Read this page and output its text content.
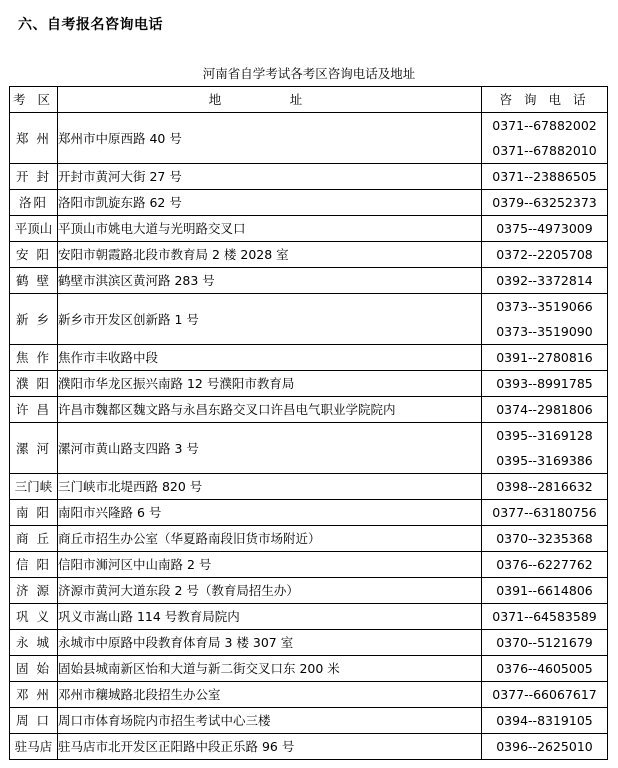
六、自考报名咨询电话
河南省自学考试各考区咨询电话及地址
考 区	地　址	咨 询 电 话
郑 州	郑州市中原西路 40 号	0371--67882002
0371--67882010

开 封	开封市黄河大街 27 号	0371--23886505

洛阳	洛阳市凯旋东路 62 号	0379--63252373

平顶山	平顶山市姚电大道与光明路交叉口	0375--4973009

安 阳	安阳市朝霞路北段市教育局 2 楼 2028 室	0372--2205708

鹤 壁	鹤壁市淇滨区黄河路 283 号	0392--3372814

新 乡	新乡市开发区创新路 1 号	0373--3519066
0373--3519090

焦 作	焦作市丰收路中段	0391--2780816

濮 阳	濮阳市华龙区振兴南路 12 号濮阳市教育局	0393--8991785

许 昌	许昌市魏都区魏文路与永昌东路交叉口许昌电气职业学院院内	0374--2981806

漯 河	漯河市黄山路支四路 3 号	0395--3169128
0395--3169386

三门峡	三门峡市北堤西路 820 号	0398--2816632

南 阳	南阳市兴隆路 6 号	0377--63180756

商 丘	商丘市招生办公室（华夏路南段旧货市场附近）	0370--3235368

信 阳	信阳市浉河区中山南路 2 号	0376--6227762

济 源	济源市黄河大道东段 2 号（教育局招生办）	0391--6614806

巩 义	巩义市嵩山路 114 号教育局院内	0371--64583589

永 城	永城市中原路中段教育体育局 3 楼 307 室	0370--5121679

固 始	固始县城南新区怡和大道与新二街交叉口东 200 米	0376--4605005

邓 州	邓州市穰城路北段招生办公室	0377--66067617

周 口	周口市体育场院内市招生考试中心三楼	0394--8319105

驻马店	驻马店市北开发区正阳路中段正乐路 96 号	0396--2625010
